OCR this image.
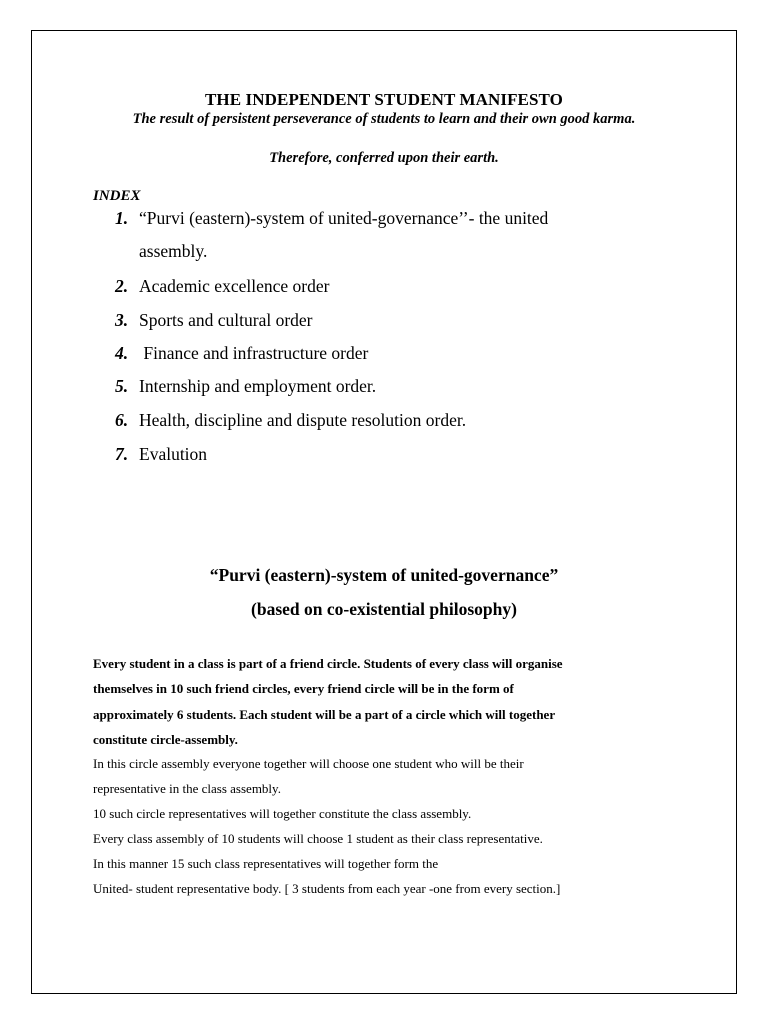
THE INDEPENDENT STUDENT MANIFESTO
The result of persistent perseverance of students to learn and their own good karma.
Therefore, conferred upon their earth.
INDEX
1. “Purvi (eastern)-system of united-governance’’- the united
assembly.
2. Academic excellence order
3. Sports and cultural order
4. Finance and infrastructure order
5. Internship and employment order.
6. Health, discipline and dispute resolution order.
7. Evalution
“Purvi (eastern)-system of united-governance”
(based on co-existential philosophy)
Every student in a class is part of a friend circle. Students of every class will organise
themselves in 10 such friend circles, every friend circle will be in the form of
approximately 6 students. Each student will be a part of a circle which will together
constitute circle-assembly.
In this circle assembly everyone together will choose one student who will be their
representative in the class assembly.
10 such circle representatives will together constitute the class assembly.
Every class assembly of 10 students will choose 1 student as their class representative.
In this manner 15 such class representatives will together form the
United- student representative body. [ 3 students from each year -one from every section.]
